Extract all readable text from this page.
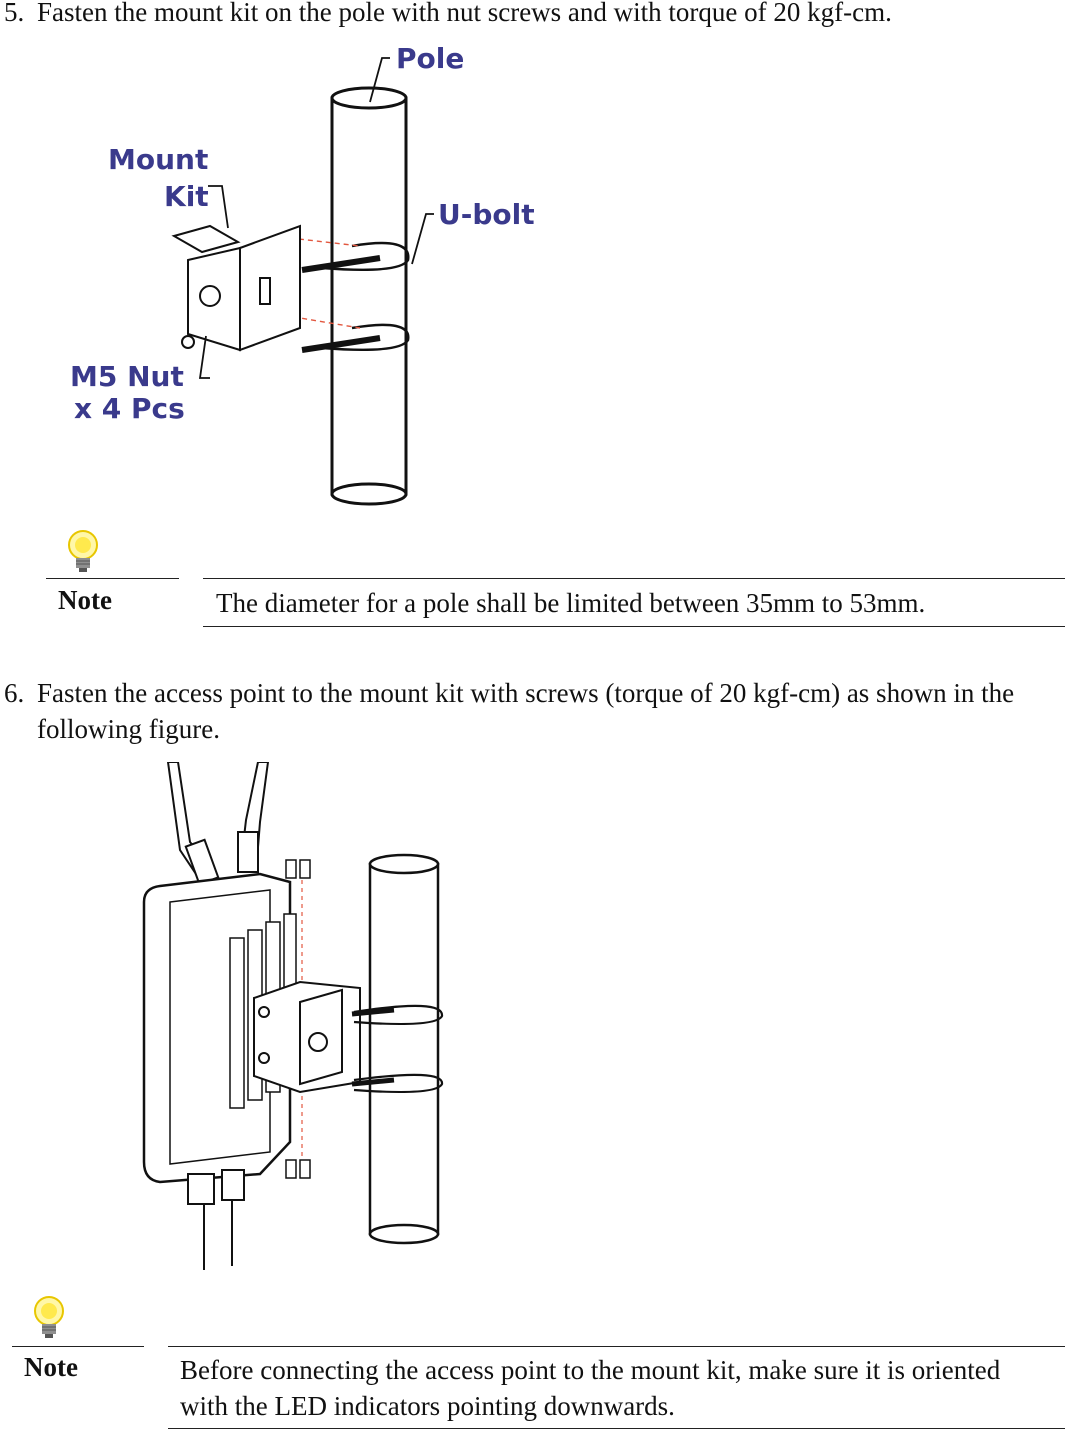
5. Fasten the mount kit on the pole with nut screws and with torque of 20 kgf-cm.
Pole
Mount
Kit
U-bolt
M5 Nut
x 4 Pcs
Note	The diameter for a pole shall be limited between 35mm to 53mm.
6. Fasten the access point to the mount kit with screws (torque of 20 kgf-cm) as shown in the following figure.
Note	Before connecting the access point to the mount kit, make sure it is oriented with the LED indicators pointing downwards.
